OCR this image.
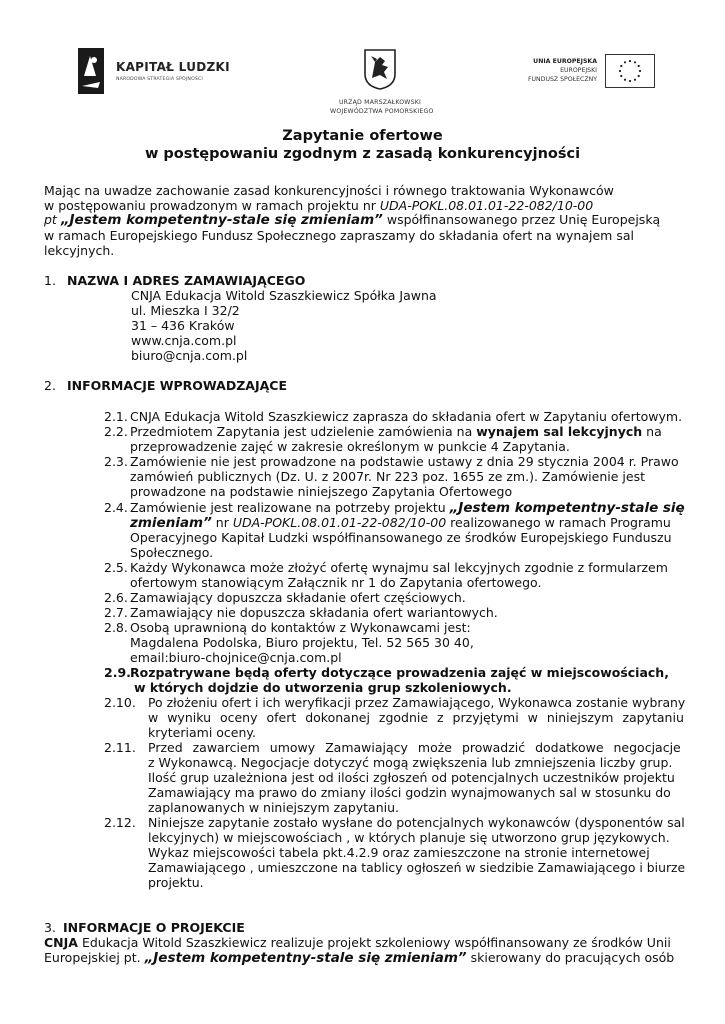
KAPITAŁ LUDZKI
NARODOWA STRATEGIA SPÓJNOŚCI
URZĄD MARSZAŁKOWSKI
WOJEWÓDZTWA POMORSKIEGO
UNIA EUROPEJSKA
EUROPEJSKI
FUNDUSZ SPOŁECZNY
Zapytanie ofertowe
w postępowaniu zgodnym z zasadą konkurencyjności
Mając na uwadze zachowanie zasad konkurencyjności i równego traktowania Wykonawców
w postępowaniu prowadzonym w ramach projektu nr UDA-POKL.08.01.01-22-082/10-00
pt „Jestem kompetentny-stale się zmieniam” współfinansowanego przez Unię Europejską
w ramach Europejskiego Fundusz Społecznego zapraszamy do składania ofert na wynajem sal
lekcyjnych.
1. NAZWA I ADRES ZAMAWIAJĄCEGO
CNJA Edukacja Witold Szaszkiewicz Spółka Jawna
ul. Mieszka I 32/2
31 – 436 Kraków
www.cnja.com.pl
biuro@cnja.com.pl
2. INFORMACJE WPROWADZAJĄCE
2.1. CNJA Edukacja Witold Szaszkiewicz zaprasza do składania ofert w Zapytaniu ofertowym.
2.2. Przedmiotem Zapytania jest udzielenie zamówienia na wynajem sal lekcyjnych na
przeprowadzenie zajęć w zakresie określonym w punkcie 4 Zapytania.
2.3. Zamówienie nie jest prowadzone na podstawie ustawy z dnia 29 stycznia 2004 r. Prawo
zamówień publicznych (Dz. U. z 2007r. Nr 223 poz. 1655 ze zm.). Zamówienie jest
prowadzone na podstawie niniejszego Zapytania Ofertowego
2.4. Zamówienie jest realizowane na potrzeby projektu „Jestem kompetentny-stale się
zmieniam” nr UDA-POKL.08.01.01-22-082/10-00 realizowanego w ramach Programu
Operacyjnego Kapitał Ludzki współfinansowanego ze środków Europejskiego Funduszu
Społecznego.
2.5. Każdy Wykonawca może złożyć ofertę wynajmu sal lekcyjnych zgodnie z formularzem
ofertowym stanowiącym Załącznik nr 1 do Zapytania ofertowego.
2.6. Zamawiający dopuszcza składanie ofert częściowych.
2.7. Zamawiający nie dopuszcza składania ofert wariantowych.
2.8. Osobą uprawnioną do kontaktów z Wykonawcami jest:
Magdalena Podolska, Biuro projektu, Tel. 52 565 30 40,
email:biuro-chojnice@cnja.com.pl
2.9. Rozpatrywane będą oferty dotyczące prowadzenia zajęć w miejscowościach,
w których dojdzie do utworzenia grup szkoleniowych.
2.10. Po złożeniu ofert i ich weryfikacji przez Zamawiającego, Wykonawca zostanie wybrany
w wyniku oceny ofert dokonanej zgodnie z przyjętymi w niniejszym zapytaniu
kryteriami oceny.
2.11. Przed zawarciem umowy Zamawiający może prowadzić dodatkowe negocjacje
z Wykonawcą. Negocjacje dotyczyć mogą zwiększenia lub zmniejszenia liczby grup.
Ilość grup uzależniona jest od ilości zgłoszeń od potencjalnych uczestników projektu
Zamawiający ma prawo do zmiany ilości godzin wynajmowanych sal w stosunku do
zaplanowanych w niniejszym zapytaniu.
2.12. Niniejsze zapytanie zostało wysłane do potencjalnych wykonawców (dysponentów sal
lekcyjnych) w miejscowościach , w których planuje się utworzono grup językowych.
Wykaz miejscowości tabela pkt.4.2.9 oraz zamieszczone na stronie internetowej
Zamawiającego , umieszczone na tablicy ogłoszeń w siedzibie Zamawiającego i biurze
projektu.
3. INFORMACJE O PROJEKCIE
CNJA Edukacja Witold Szaszkiewicz realizuje projekt szkoleniowy współfinansowany ze środków Unii
Europejskiej pt. „Jestem kompetentny-stale się zmieniam” skierowany do pracujących osób
